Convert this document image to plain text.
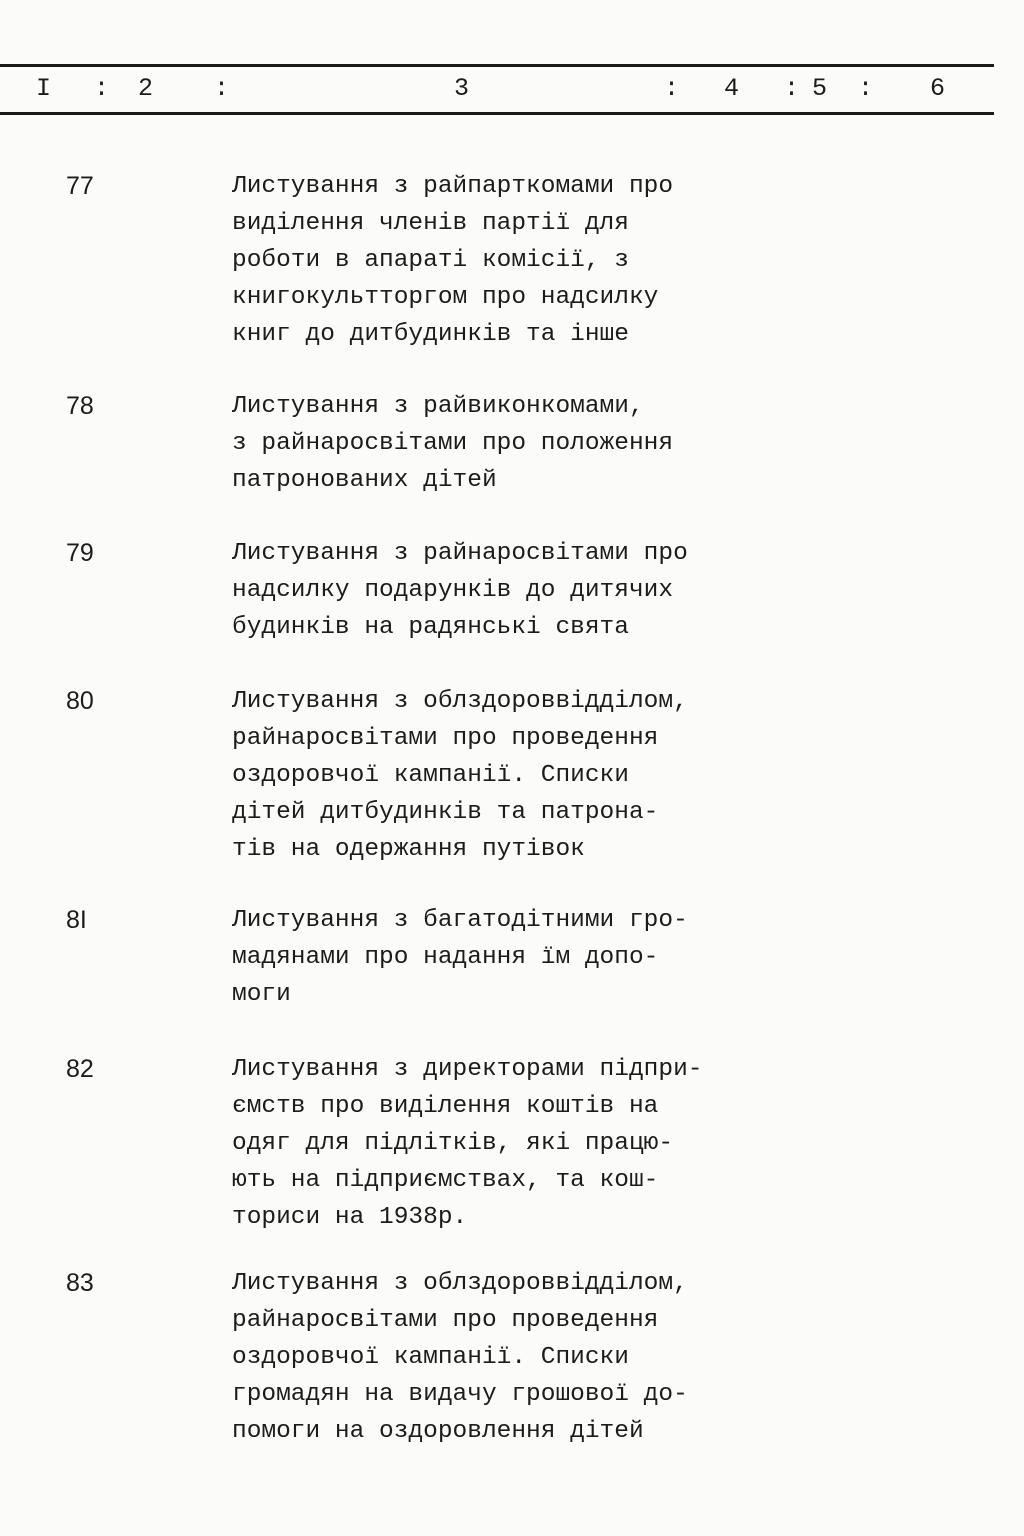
I : 2 :	3	: 4 : 5 : 6
77	Листування з райпарткомами про
виділення членів партії для
роботи в апараті комісії, з
книгокультторгом про надсилку
книг до дитбудинків та інше
78	Листування з райвиконкомами,
з райнаросвітами про положення
патронованих дітей
79	Листування з райнаросвітами про
надсилку подарунків до дитячих
будинків на радянські свята
80	Листування з облздороввідділом,
райнаросвітами про проведення
оздоровчої кампанії. Списки
дітей дитбудинків та патрона-
тів на одержання путівок
8I	Листування з багатодітними гро-
мадянами про надання їм допо-
моги
82	Листування з директорами підпри-
ємств про виділення коштів на
одяг для підлітків, які працю-
ють на підприємствах, та кош-
ториси на 1938р.
83	Листування з облздороввідділом,
райнаросвітами про проведення
оздоровчої кампанії. Списки
громадян на видачу грошової до-
помоги на оздоровлення дітей
